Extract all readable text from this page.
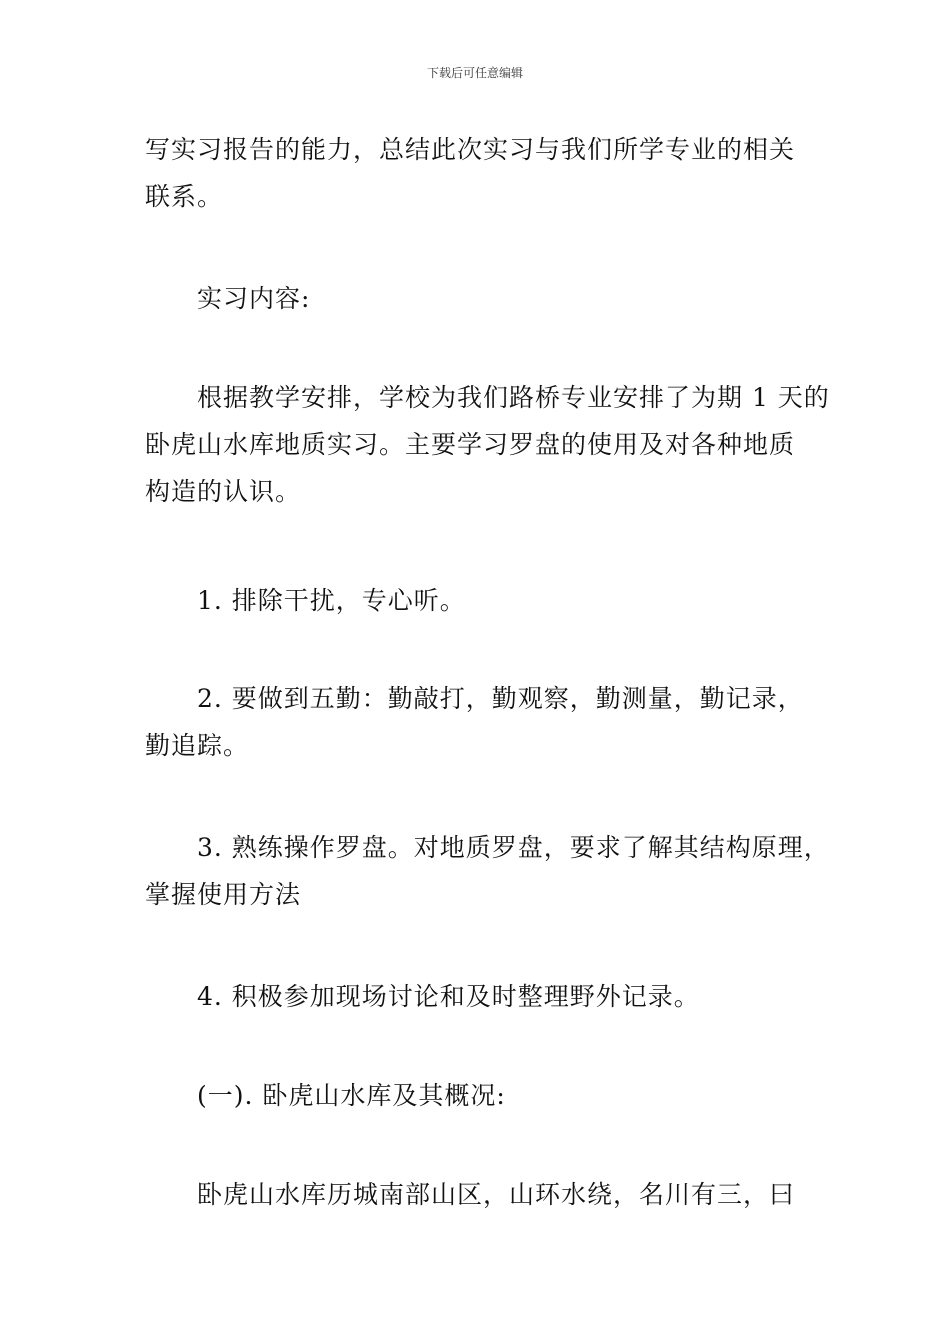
下载后可任意编辑
写实习报告的能力，总结此次实习与我们所学专业的相关
联系。
实习内容:
根据教学安排，学校为我们路桥专业安排了为期 1 天的
卧虎山水库地质实习。主要学习罗盘的使用及对各种地质
构造的认识。
1. 排除干扰，专心听。
2. 要做到五勤：勤敲打，勤观察，勤测量，勤记录，
勤追踪。
3. 熟练操作罗盘。对地质罗盘，要求了解其结构原理，
掌握使用方法
4. 积极参加现场讨论和及时整理野外记录。
(一). 卧虎山水库及其概况:
卧虎山水库历城南部山区，山环水绕，名川有三，曰
